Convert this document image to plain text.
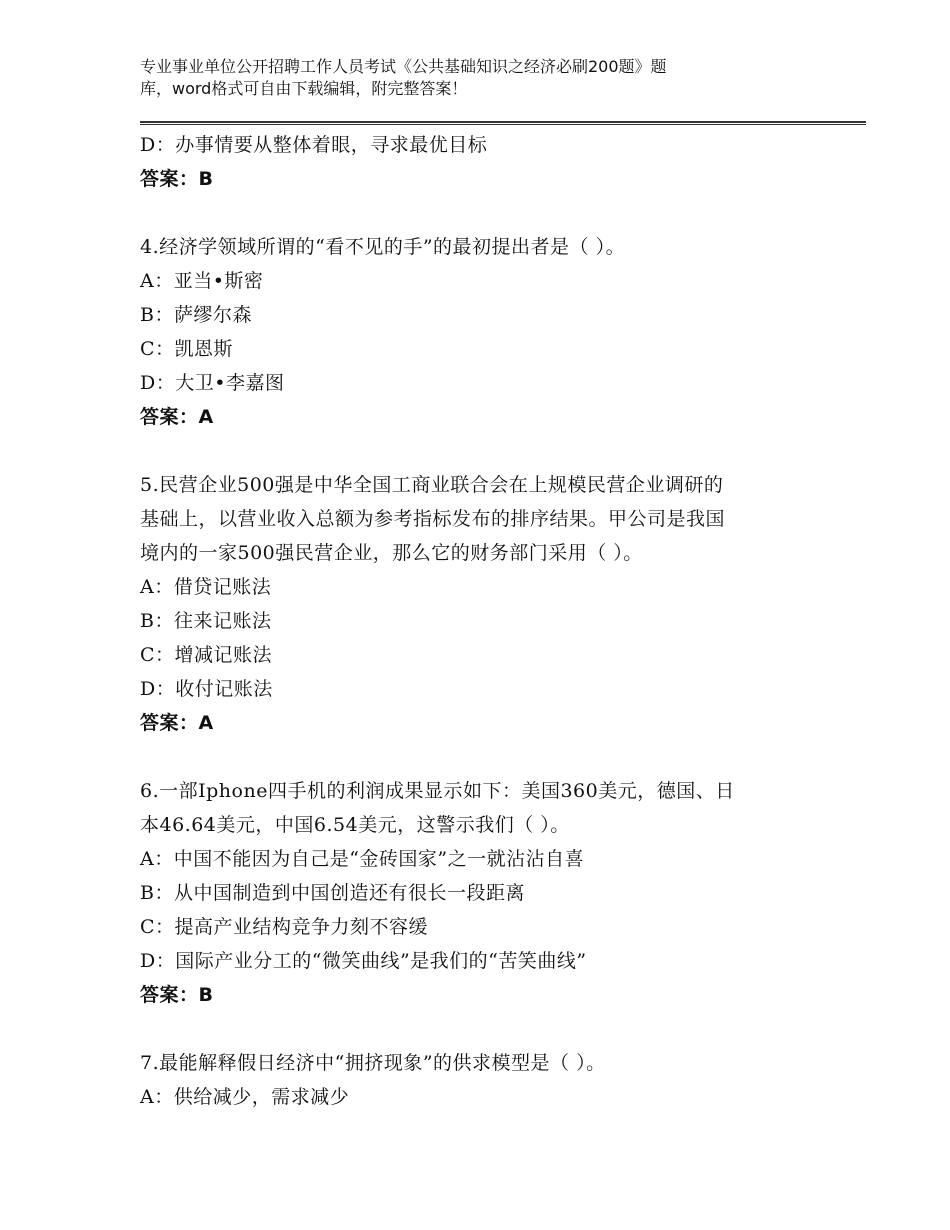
专业事业单位公开招聘工作人员考试《公共基础知识之经济必刷200题》题
库，word格式可自由下载编辑，附完整答案！
D：办事情要从整体着眼，寻求最优目标
答案：B
4.经济学领域所谓的“看不见的手”的最初提出者是（ ）。
A：亚当•斯密
B：萨缪尔森
C：凯恩斯
D：大卫•李嘉图
答案：A
5.民营企业500强是中华全国工商业联合会在上规模民营企业调研的
基础上，以营业收入总额为参考指标发布的排序结果。甲公司是我国
境内的一家500强民营企业，那么它的财务部门采用（ ）。
A：借贷记账法
B：往来记账法
C：增减记账法
D：收付记账法
答案：A
6.一部Iphone四手机的利润成果显示如下：美国360美元，德国、日
本46.64美元，中国6.54美元，这警示我们（ ）。
A：中国不能因为自己是“金砖国家”之一就沾沾自喜
B：从中国制造到中国创造还有很长一段距离
C：提高产业结构竞争力刻不容缓
D：国际产业分工的“微笑曲线”是我们的“苦笑曲线”
答案：B
7.最能解释假日经济中“拥挤现象”的供求模型是（ ）。
A：供给减少，需求减少
